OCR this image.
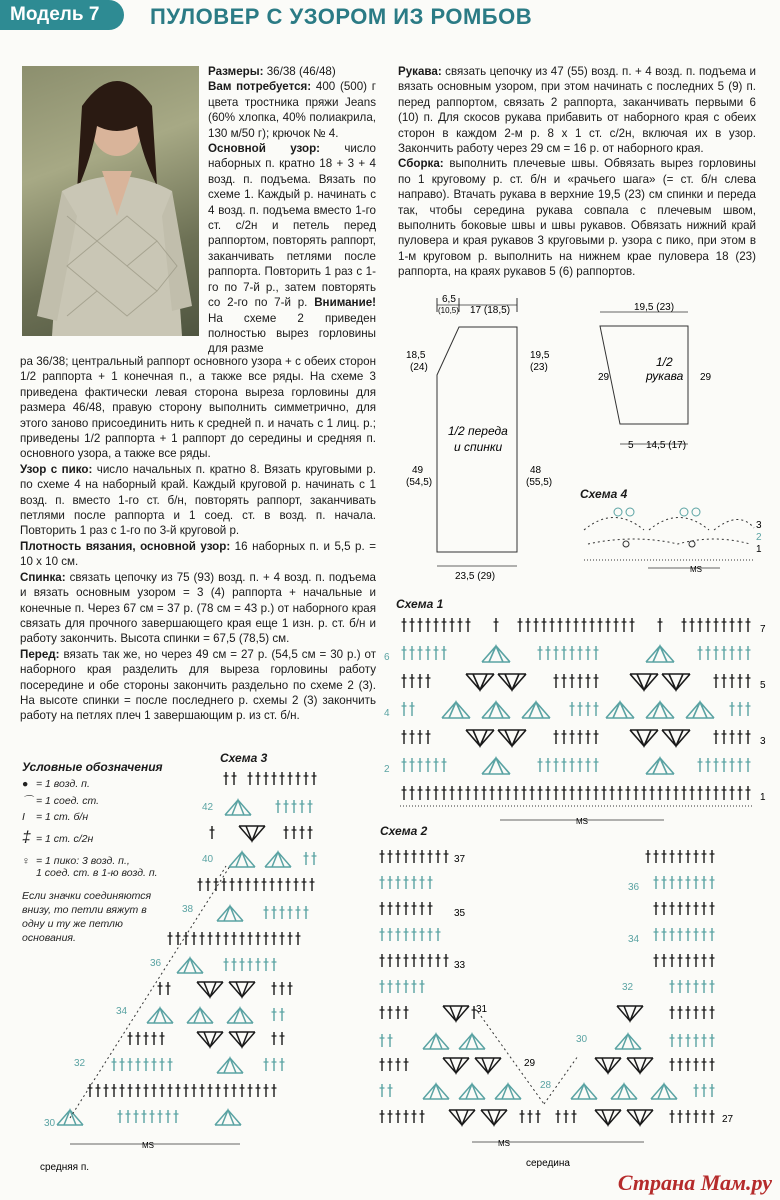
Модель 7	ПУЛОВЕР С УЗОРОМ ИЗ РОМБОВ

Размеры: 36/38 (46/48)

Вам потребуется: 400 (500) г цвета тростника пряжи Jeans (60% хлопка, 40% полиакрила, 130 м/50 г); крючок № 4.

Основной узор: число наборных п. кратно 18 + 3 + 4 возд. п. подъема. Вязать по схеме 1. Каждый р. начинать с 4 возд. п. подъема вместо 1-го ст. с/2н и петель перед раппортом, повторять раппорт, заканчивать петлями после раппорта. Повторить 1 раз с 1-го по 7-й р., затем повторять со 2-го по 7-й р. Внимание! На схеме 2 приведен полностью вырез горловины для разме

ра 36/38; центральный раппорт основного узора + с обеих сторон 1/2 раппорта + 1 конечная п., а также все ряды. На схеме 3 приведена фактически левая сторона выреза горловины для размера 46/48, правую сторону выполнить симметрично, для этого заново присоединить нить к средней п. и начать с 1 лиц. р.; приведены 1/2 раппорта + 1 раппорт до середины и средняя п. основного узора, а также все ряды.

Узор с пико: число начальных п. кратно 8. Вязать круговыми р. по схеме 4 на наборный край. Каждый круговой р. начинать с 1 возд. п. вместо 1-го ст. б/н, повторять раппорт, заканчивать петлями после раппорта и 1 соед. ст. в возд. п. начала. Повторить 1 раз с 1-го по 3-й круговой р.

Плотность вязания, основной узор: 16 наборных п. и 5,5 р. = 10 х 10 см.

Спинка: связать цепочку из 75 (93) возд. п. + 4 возд. п. подъема и вязать основным узором = 3 (4) раппорта + начальные и конечные п. Через 67 см = 37 р. (78 см = 43 р.) от наборного края связать для прочного завершающего края еще 1 изн. р. ст. б/н и работу закончить. Высота спинки = 67,5 (78,5) см.

Перед: вязать так же, но через 49 см = 27 р. (54,5 см = 30 р.) от наборного края разделить для выреза горловины работу посередине и обе стороны закончить раздельно по схеме 2 (3). На высоте спинки = после последнего р. схемы 2 (3) закончить работу на петлях плеч 1 завершающим р. из ст. б/н.

Рукава: связать цепочку из 47 (55) возд. п. + 4 возд. п. подъема и вязать основным узором, при этом начинать с последних 5 (9) п. перед раппортом, связать 2 раппорта, заканчивать первыми 6 (10) п. Для скосов рукава прибавить от наборного края с обеих сторон в каждом 2-м р. 8 х 1 ст. с/2н, включая их в узор. Закончить работу через 29 см = 16 р. от наборного края.

Сборка: выполнить плечевые швы. Обвязать вырез горловины по 1 круговому р. ст. б/н и «рачьего шага» (= ст. б/н слева направо). Втачать рукава в верхние 19,5 (23) см спинки и переда так, чтобы середина рукава совпала с плечевым швом, выполнить боковые швы и швы рукавов. Обвязать нижний край пуловера и края рукавов 3 круговыми р. узора с пико, при этом в 1-м круговом р. выполнить на нижнем крае пуловера 18 (23) раппорта, на краях рукавов 5 (6) раппортов.

6,5
(10,5) 17 (18,5)
18,5
(24)
19,5
(23)
1/2 переда
и спинки
49
(54,5)
48
(55,5)
23,5 (29)
19,5 (23)
29	29
1/2
рукава
5 14,5 (17)
Схема 4
3
2
1
MS
Схема 1
6
4
2
7
5
3
1
MS
Условные обозначения
● = 1 возд. п.
⌒ = 1 соед. ст.
I = 1 ст. б/н
‡ = 1 ст. с/2н
♀ = 1 пико: 3 возд. п.,
1 соед. ст. в 1-ю возд. п.
Если значки соединяются внизу, то петли вяжут в одну и ту же петлю основания.
Схема 3
42
40
38
36
34
32
30
MS
средняя п.
Схема 2
37
35
33
31
29
28
27
36
34
32
30
MS
середина
Страна Мам.ру
